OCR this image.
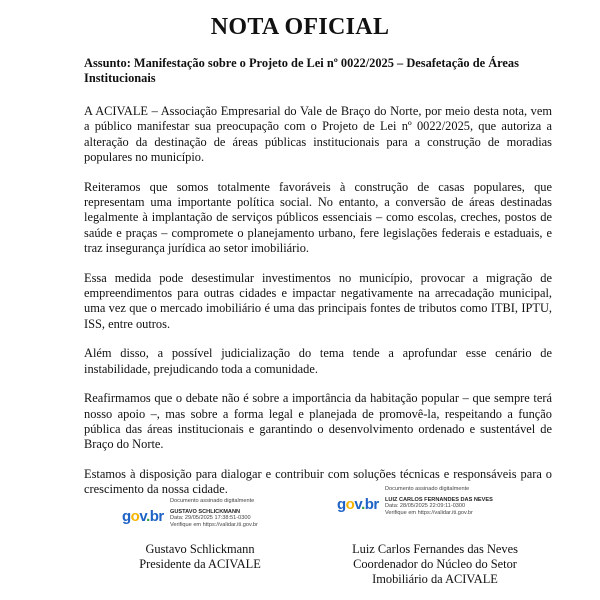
NOTA OFICIAL

Assunto: Manifestação sobre o Projeto de Lei nº 0022/2025 – Desafetação de Áreas Institucionais

A ACIVALE – Associação Empresarial do Vale de Braço do Norte, por meio desta nota, vem a público manifestar sua preocupação com o Projeto de Lei nº 0022/2025, que autoriza a alteração da destinação de áreas públicas institucionais para a construção de moradias populares no município.

Reiteramos que somos totalmente favoráveis à construção de casas populares, que representam uma importante política social. No entanto, a conversão de áreas destinadas legalmente à implantação de serviços públicos essenciais – como escolas, creches, postos de saúde e praças – compromete o planejamento urbano, fere legislações federais e estaduais, e traz insegurança jurídica ao setor imobiliário.

Essa medida pode desestimular investimentos no município, provocar a migração de empreendimentos para outras cidades e impactar negativamente na arrecadação municipal, uma vez que o mercado imobiliário é uma das principais fontes de tributos como ITBI, IPTU, ISS, entre outros.

Além disso, a possível judicialização do tema tende a aprofundar esse cenário de instabilidade, prejudicando toda a comunidade.

Reafirmamos que o debate não é sobre a importância da habitação popular – que sempre terá nosso apoio –, mas sobre a forma legal e planejada de promovê-la, respeitando a função pública das áreas institucionais e garantindo o desenvolvimento ordenado e sustentável de Braço do Norte.

Estamos à disposição para dialogar e contribuir com soluções técnicas e responsáveis para o crescimento da nossa cidade.

gov.br
Documento assinado digitalmente
GUSTAVO SCHLICKMANN
Data: 29/05/2025 17:38:51-0300
Verifique em https://validar.iti.gov.br
gov.br
Documento assinado digitalmente
LUIZ CARLOS FERNANDES DAS NEVES
Data: 28/05/2025 22:09:11-0300
Verifique em https://validar.iti.gov.br
Gustavo Schlickmann
Presidente da ACIVALE
Luiz Carlos Fernandes das Neves
Coordenador do Núcleo do Setor
Imobiliário da ACIVALE
